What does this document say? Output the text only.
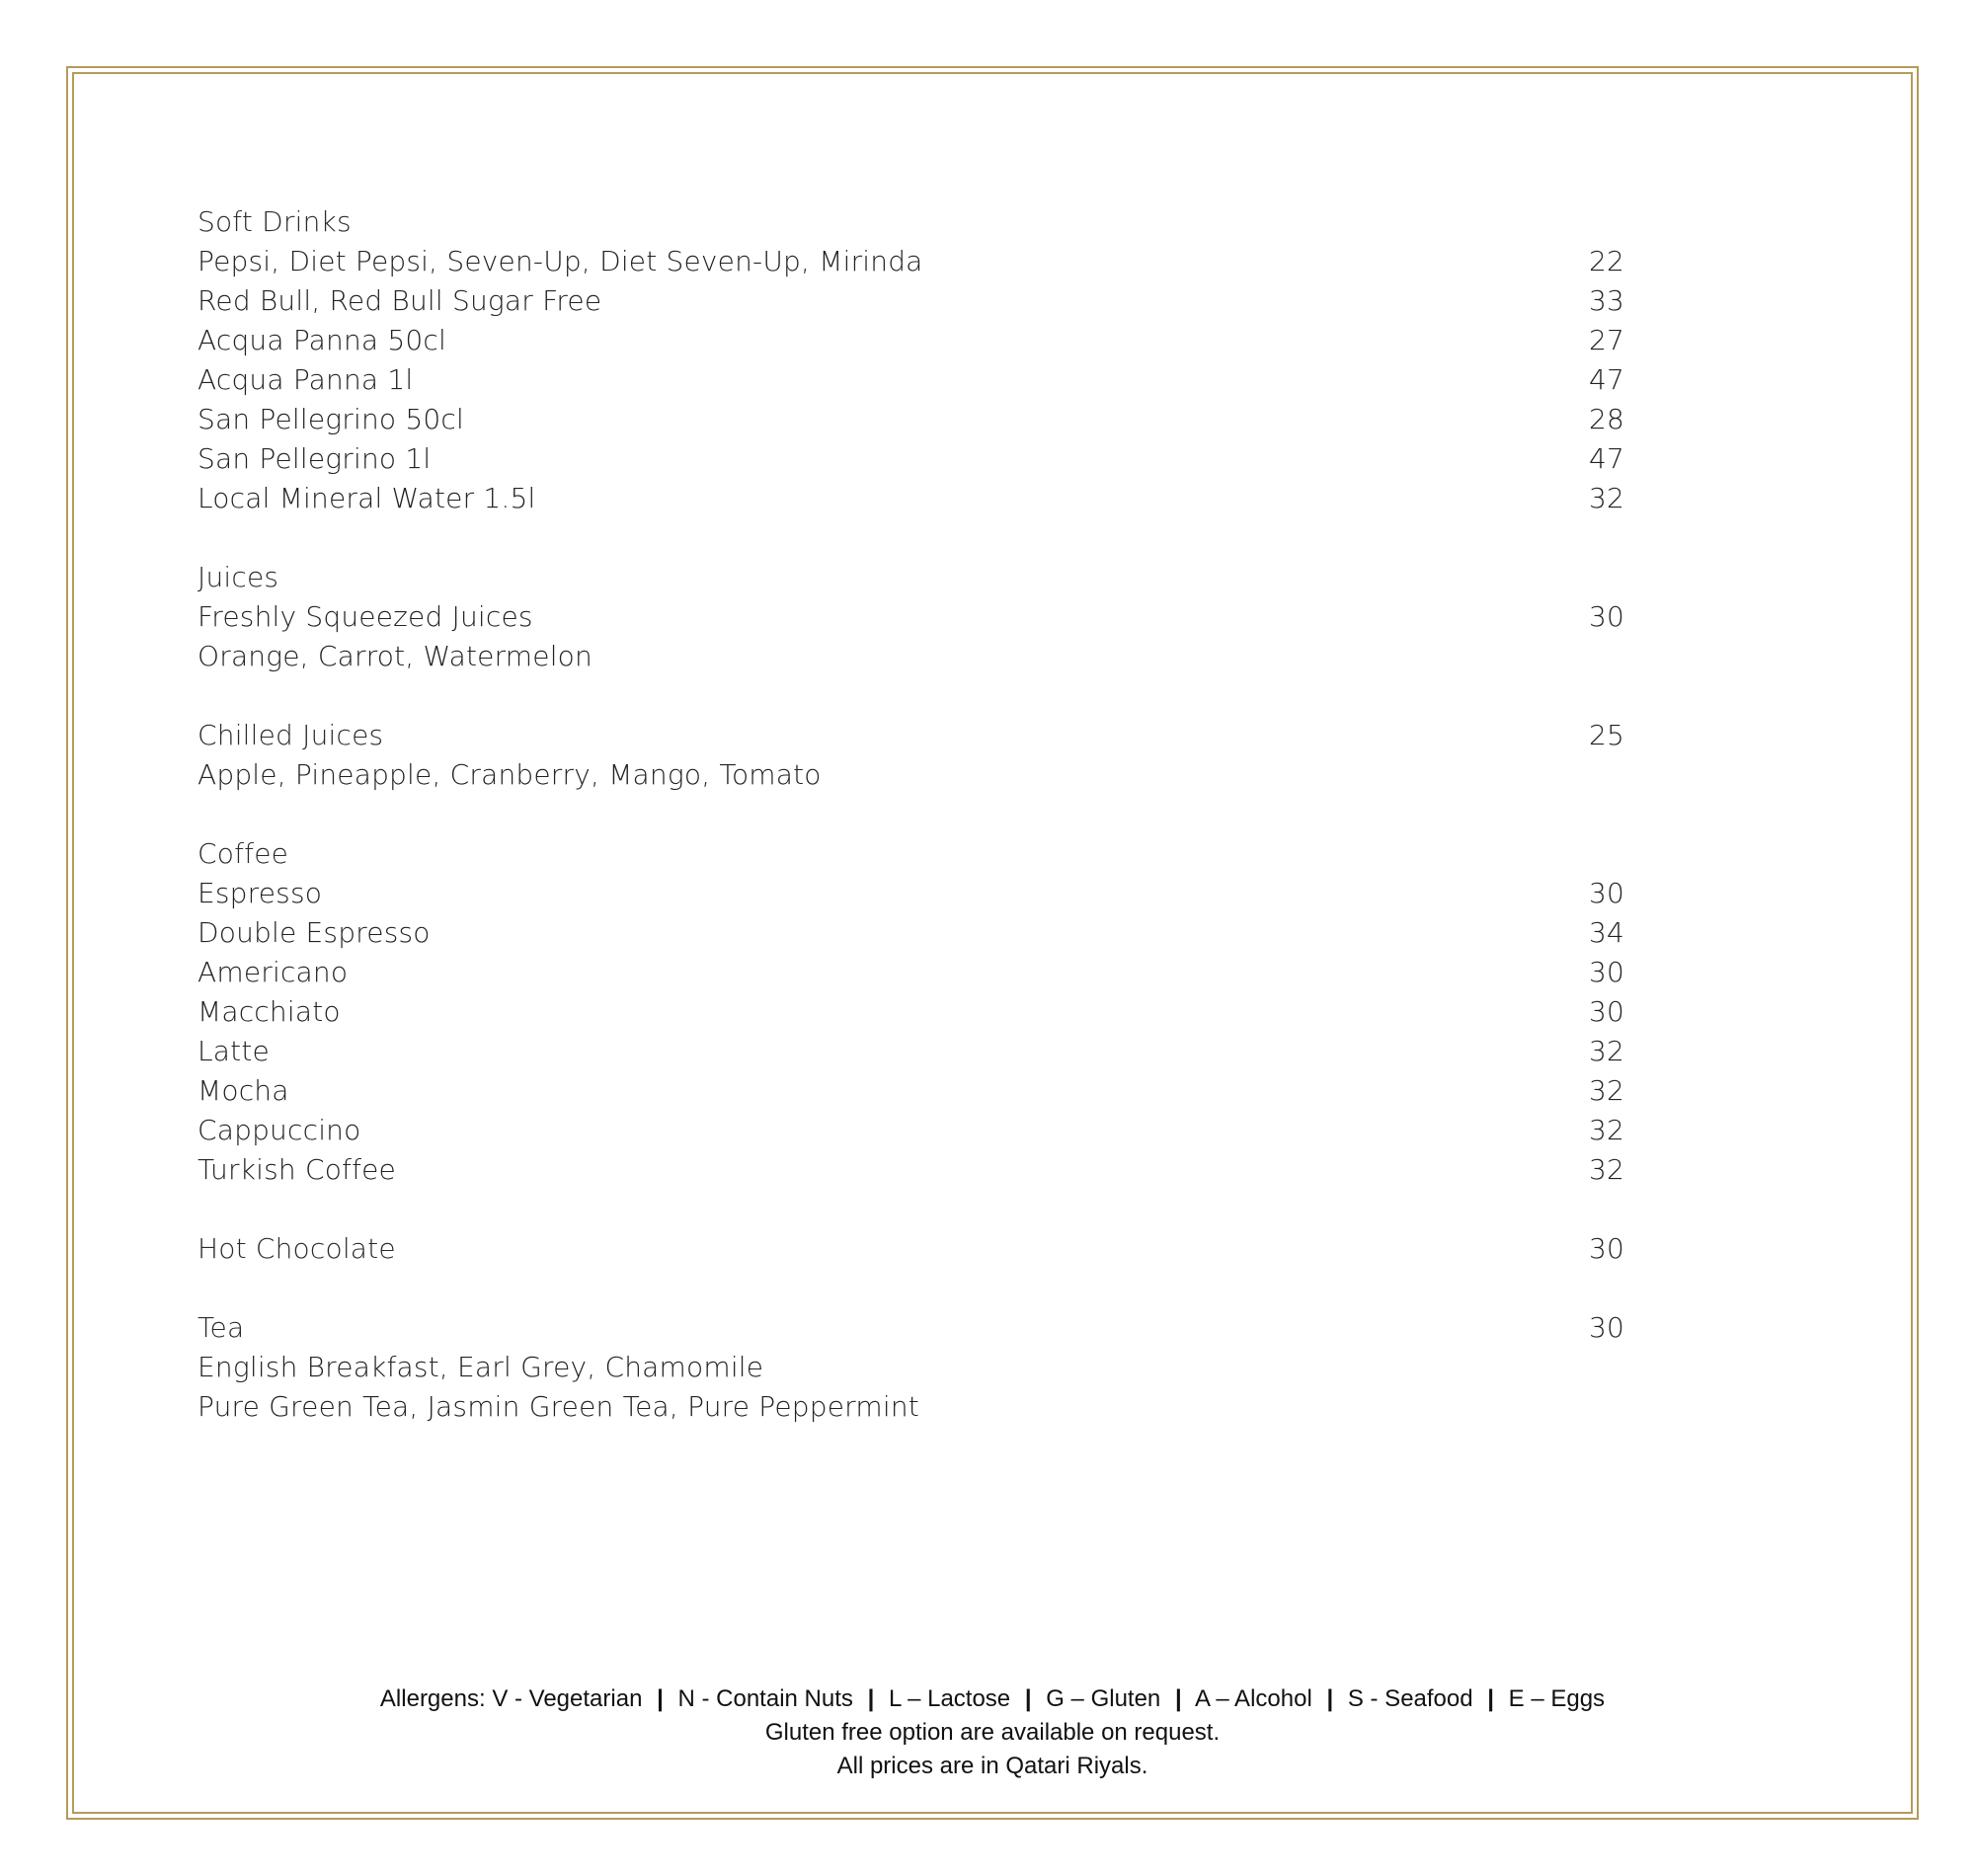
Soft Drinks
Pepsi, Diet Pepsi, Seven-Up, Diet Seven-Up, Mirinda	22
Red Bull, Red Bull Sugar Free	33
Acqua Panna 50cl	27
Acqua Panna 1l	47
San Pellegrino 50cl	28
San Pellegrino 1l	47
Local Mineral Water 1.5l	32
Juices
Freshly Squeezed Juices	30
Orange, Carrot, Watermelon
Chilled Juices	25
Apple, Pineapple, Cranberry, Mango, Tomato
Coffee
Espresso	30
Double Espresso	34
Americano	30
Macchiato	30
Latte	32
Mocha	32
Cappuccino	32
Turkish Coffee	32
Hot Chocolate	30
Tea	30
English Breakfast, Earl Grey, Chamomile
Pure Green Tea, Jasmin Green Tea, Pure Peppermint
Allergens: V - Vegetarian | N - Contain Nuts | L – Lactose | G – Gluten | A – Alcohol | S - Seafood | E – Eggs
Gluten free option are available on request.
All prices are in Qatari Riyals.
